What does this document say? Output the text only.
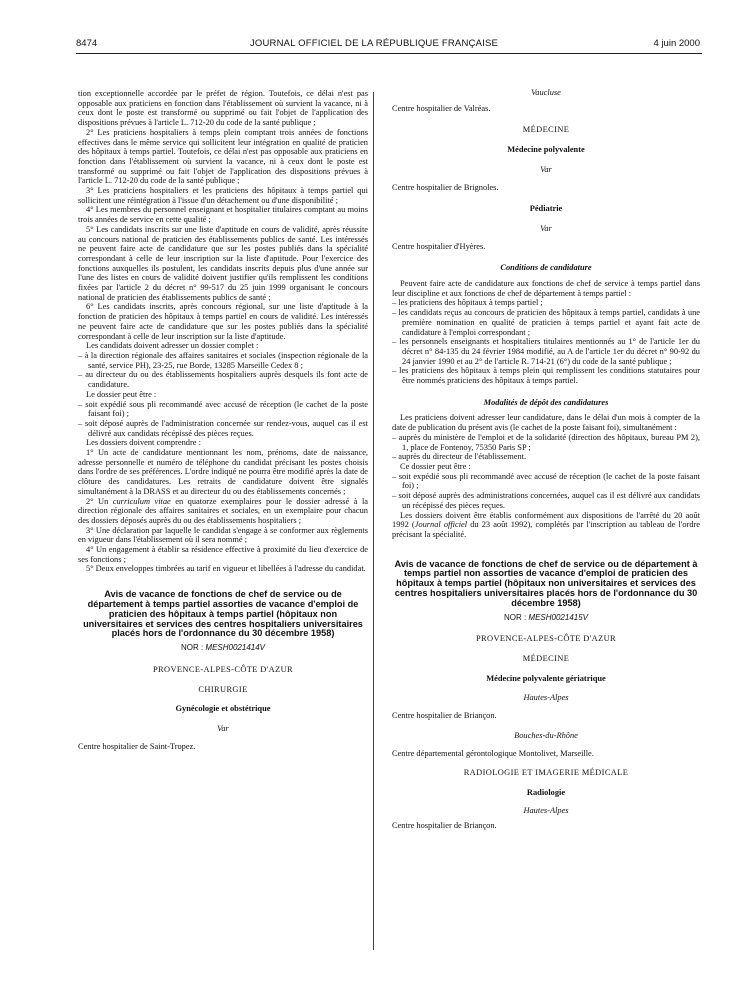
8474	JOURNAL OFFICIEL DE LA RÉPUBLIQUE FRANÇAISE	4 juin 2000

tion exceptionnelle accordée par le préfet de région. Toutefois, ce délai n'est pas opposable aux praticiens en fonction dans l'établissement où survient la vacance, ni à ceux dont le poste est transformé ou supprimé ou fait l'objet de l'application des dispositions prévues à l'article L. 712-20 du code de la santé publique ;

2° Les praticiens hospitaliers à temps plein comptant trois années de fonctions effectives dans le même service qui sollicitent leur intégration en qualité de praticien des hôpitaux à temps partiel. Toutefois, ce délai n'est pas opposable aux praticiens en fonction dans l'établissement où survient la vacance, ni à ceux dont le poste est transformé ou supprimé ou fait l'objet de l'application des dispositions prévues à l'article L. 712-20 du code de la santé publique ;

3° Les praticiens hospitaliers et les praticiens des hôpitaux à temps partiel qui sollicitent une réintégration à l'issue d'un détachement ou d'une disponibilité ;

4° Les membres du personnel enseignant et hospitalier titulaires comptant au moins trois années de service en cette qualité ;

5° Les candidats inscrits sur une liste d'aptitude en cours de validité, après réussite au concours national de praticien des établissements publics de santé. Les intéressés ne peuvent faire acte de candidature que sur les postes publiés dans la spécialité correspondant à celle de leur inscription sur la liste d'aptitude. Pour l'exercice des fonctions auxquelles ils postulent, les candidats inscrits depuis plus d'une année sur l'une des listes en cours de validité doivent justifier qu'ils remplissent les conditions fixées par l'article 2 du décret n° 99-517 du 25 juin 1999 organisant le concours national de praticien des établissements publics de santé ;

6° Les candidats inscrits, après concours régional, sur une liste d'aptitude à la fonction de praticien des hôpitaux à temps partiel en cours de validité. Les intéressés ne peuvent faire acte de candidature que sur les postes publiés dans la spécialité correspondant à celle de leur inscription sur la liste d'aptitude.

Les candidats doivent adresser un dossier complet :

– à la direction régionale des affaires sanitaires et sociales (inspection régionale de la santé, service PH), 23-25, rue Borde, 13285 Marseille Cedex 8 ;
– au directeur du ou des établissements hospitaliers auprès desquels ils font acte de candidature.

Le dossier peut être :

– soit expédié sous pli recommandé avec accusé de réception (le cachet de la poste faisant foi) ;
– soit déposé auprès de l'administration concernée sur rendez-vous, auquel cas il est délivré aux candidats récépissé des pièces reçues.

Les dossiers doivent comprendre :

1° Un acte de candidature mentionnant les nom, prénoms, date de naissance, adresse personnelle et numéro de téléphone du candidat précisant les postes choisis dans l'ordre de ses préférences. L'ordre indiqué ne pourra être modifié après la date de clôture des candidatures. Les retraits de candidature doivent être signalés simultanément à la DRASS et au directeur du ou des établissements concernés ;

2° Un curriculum vitae en quatorze exemplaires pour le dossier adressé à la direction régionale des affaires sanitaires et sociales, en un exemplaire pour chacun des dossiers déposés auprès du ou des établissements hospitaliers ;

3° Une déclaration par laquelle le candidat s'engage à se conformer aux règlements en vigueur dans l'établissement où il sera nommé ;

4° Un engagement à établir sa résidence effective à proximité du lieu d'exercice de ses fonctions ;

5° Deux enveloppes timbrées au tarif en vigueur et libellées à l'adresse du candidat.

Avis de vacance de fonctions de chef de service ou de département à temps partiel assorties de vacance d'emploi de praticien des hôpitaux à temps partiel (hôpitaux non universitaires et services des centres hospitaliers universitaires placés hors de l'ordonnance du 30 décembre 1958)

NOR : MESH0021414V
PROVENCE-ALPES-CÔTE D'AZUR
CHIRURGIE
Gynécologie et obstétrique
Var
Centre hospitalier de Saint-Tropez.
Vaucluse
Centre hospitalier de Valréas.
MÉDECINE
Médecine polyvalente
Var
Centre hospitalier de Brignoles.
Pédiatrie
Var
Centre hospitalier d'Hyères.
Conditions de candidature

Peuvent faire acte de candidature aux fonctions de chef de service à temps partiel dans leur discipline et aux fonctions de chef de département à temps partiel :

– les praticiens des hôpitaux à temps partiel ;
– les candidats reçus au concours de praticien des hôpitaux à temps partiel, candidats à une première nomination en qualité de praticien à temps partiel et ayant fait acte de candidature à l'emploi correspondant ;
– les personnels enseignants et hospitaliers titulaires mentionnés au 1° de l'article 1er du décret n° 84-135 du 24 février 1984 modifié, au A de l'article 1er du décret n° 90-92 du 24 janvier 1990 et au 2° de l'article R. 714-21 (6°) du code de la santé publique ;
– les praticiens des hôpitaux à temps plein qui remplissent les conditions statutaires pour être nommés praticiens des hôpitaux à temps partiel.
Modalités de dépôt des candidatures

Les praticiens doivent adresser leur candidature, dans le délai d'un mois à compter de la date de publication du présent avis (le cachet de la poste faisant foi), simultanément :

– auprès du ministère de l'emploi et de la solidarité (direction des hôpitaux, bureau PM 2), 1, place de Fontenoy, 75350 Paris SP ;
– auprès du directeur de l'établissement.

Ce dossier peut être :

– soit expédié sous pli recommandé avec accusé de réception (le cachet de la poste faisant foi) ;
– soit déposé auprès des administrations concernées, auquel cas il est délivré aux candidats un récépissé des pièces reçues.

Les dossiers doivent être établis conformément aux dispositions de l'arrêté du 20 août 1992 (Journal officiel du 23 août 1992), complétés par l'inscription au tableau de l'ordre précisant la spécialité.

Avis de vacance de fonctions de chef de service ou de département à temps partiel non assorties de vacance d'emploi de praticien des hôpitaux à temps partiel (hôpitaux non universitaires et services des centres hospitaliers universitaires placés hors de l'ordonnance du 30 décembre 1958)

NOR : MESH0021415V
PROVENCE-ALPES-CÔTE D'AZUR
MÉDECINE
Médecine polyvalente gériatrique
Hautes-Alpes
Centre hospitalier de Briançon.
Bouches-du-Rhône
Centre départemental gérontologique Montolivet, Marseille.
RADIOLOGIE ET IMAGERIE MÉDICALE
Radiologie
Hautes-Alpes
Centre hospitalier de Briançon.
